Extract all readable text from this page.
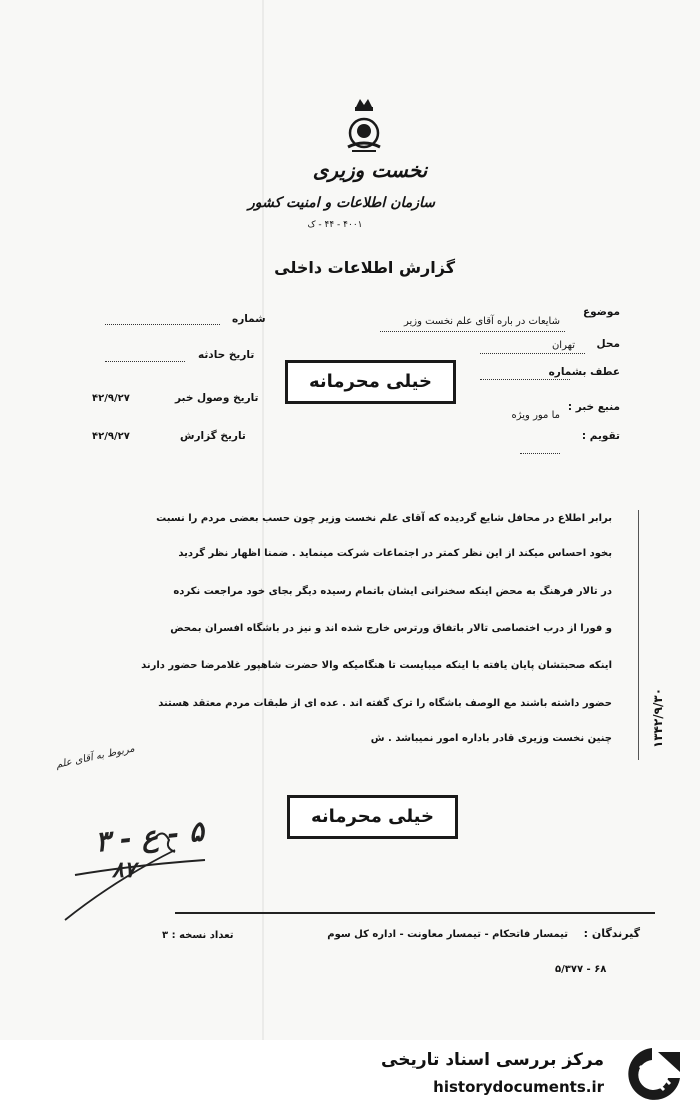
نخست وزیری
سازمان اطلاعات و امنیت کشور
۴۰۰۱ - ۴۴ - ک
گزارش اطلاعات داخلی
موضوع
شایعات در باره آقای علم نخست وزیر
محل
تهران
عطف بشماره
منبع خبر :
ما مور ویژه
تقویم :
شماره
تاریخ حادثه
تاریخ وصول خبر
۴۲/۹/۲۷
تاریخ گزارش
۴۲/۹/۲۷
خیلی محرمانه

برابر اطلاع در محافل شایع گردیده که آقای علم نخست وزیر چون حسب بعضی مردم را نسبت

بخود احساس میکند از این نظر کمتر در اجتماعات شرکت مینماید . ضمنا اظهار نظر گردید

در تالار فرهنگ به محض اینکه سخنرانی ایشان باتمام رسیده دیگر بجای خود مراجعت نکرده

و فورا از درب اختصاصی تالار باتفاق ورترس خارج شده اند و نیز در باشگاه افسران بمحض

اینکه صحبتشان پایان یافته با اینکه میبایست تا هنگامیکه والا حضرت شاهپور غلامرضا حضور دارند

حضور داشته باشند مع الوصف باشگاه را ترک گفته اند . عده ای از طبقات مردم معتقد هستند

چنین نخست وزیری قادر باداره امور نمیباشد . ش	۱۳۴۲/۹/۳۰
مربوط به آقای علم
۵ - ع - ۳
۸۷
خیلی محرمانه
گیرندگان :
تیمسار فاتحکام - تیمسار معاونت - اداره کل سوم
تعداد نسخه : ۳
۶۸ - ۵/۳۷۷
مرکز بررسی اسناد تاریخی
historydocuments.ir
